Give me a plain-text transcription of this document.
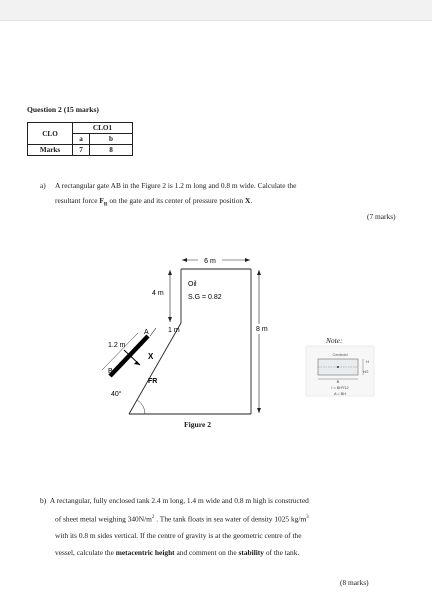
Question 2 (15 marks)
CLO	CLO1	
	a	b
Marks	7	8
a) A rectangular gate AB in the Figure 2 is 1.2 m long and 0.8 m wide. Calculate the
resultant force $F_R$ on the gate and its center of pressure position X.
(7 marks)
6 m
4 m
Oil
S.G = 0.82
8 m
1 m
1.2 m
A
B
X
FR
40°
Centroid
H
H/2
B
I = BH³/12
A = BH
Note:
Figure 2
b) A rectangular, fully enclosed tank 2.4 m long, 1.4 m wide and 0.8 m high is constructed
of sheet metal weighing $340N/m^2$ . The tank floats in sea water of density 1025 $kg/m^3$
with its 0.8 m sides vertical. If the centre of gravity is at the geometric centre of the
vessel, calculate the metacentric height and comment on the stability of the tank.
(8 marks)
